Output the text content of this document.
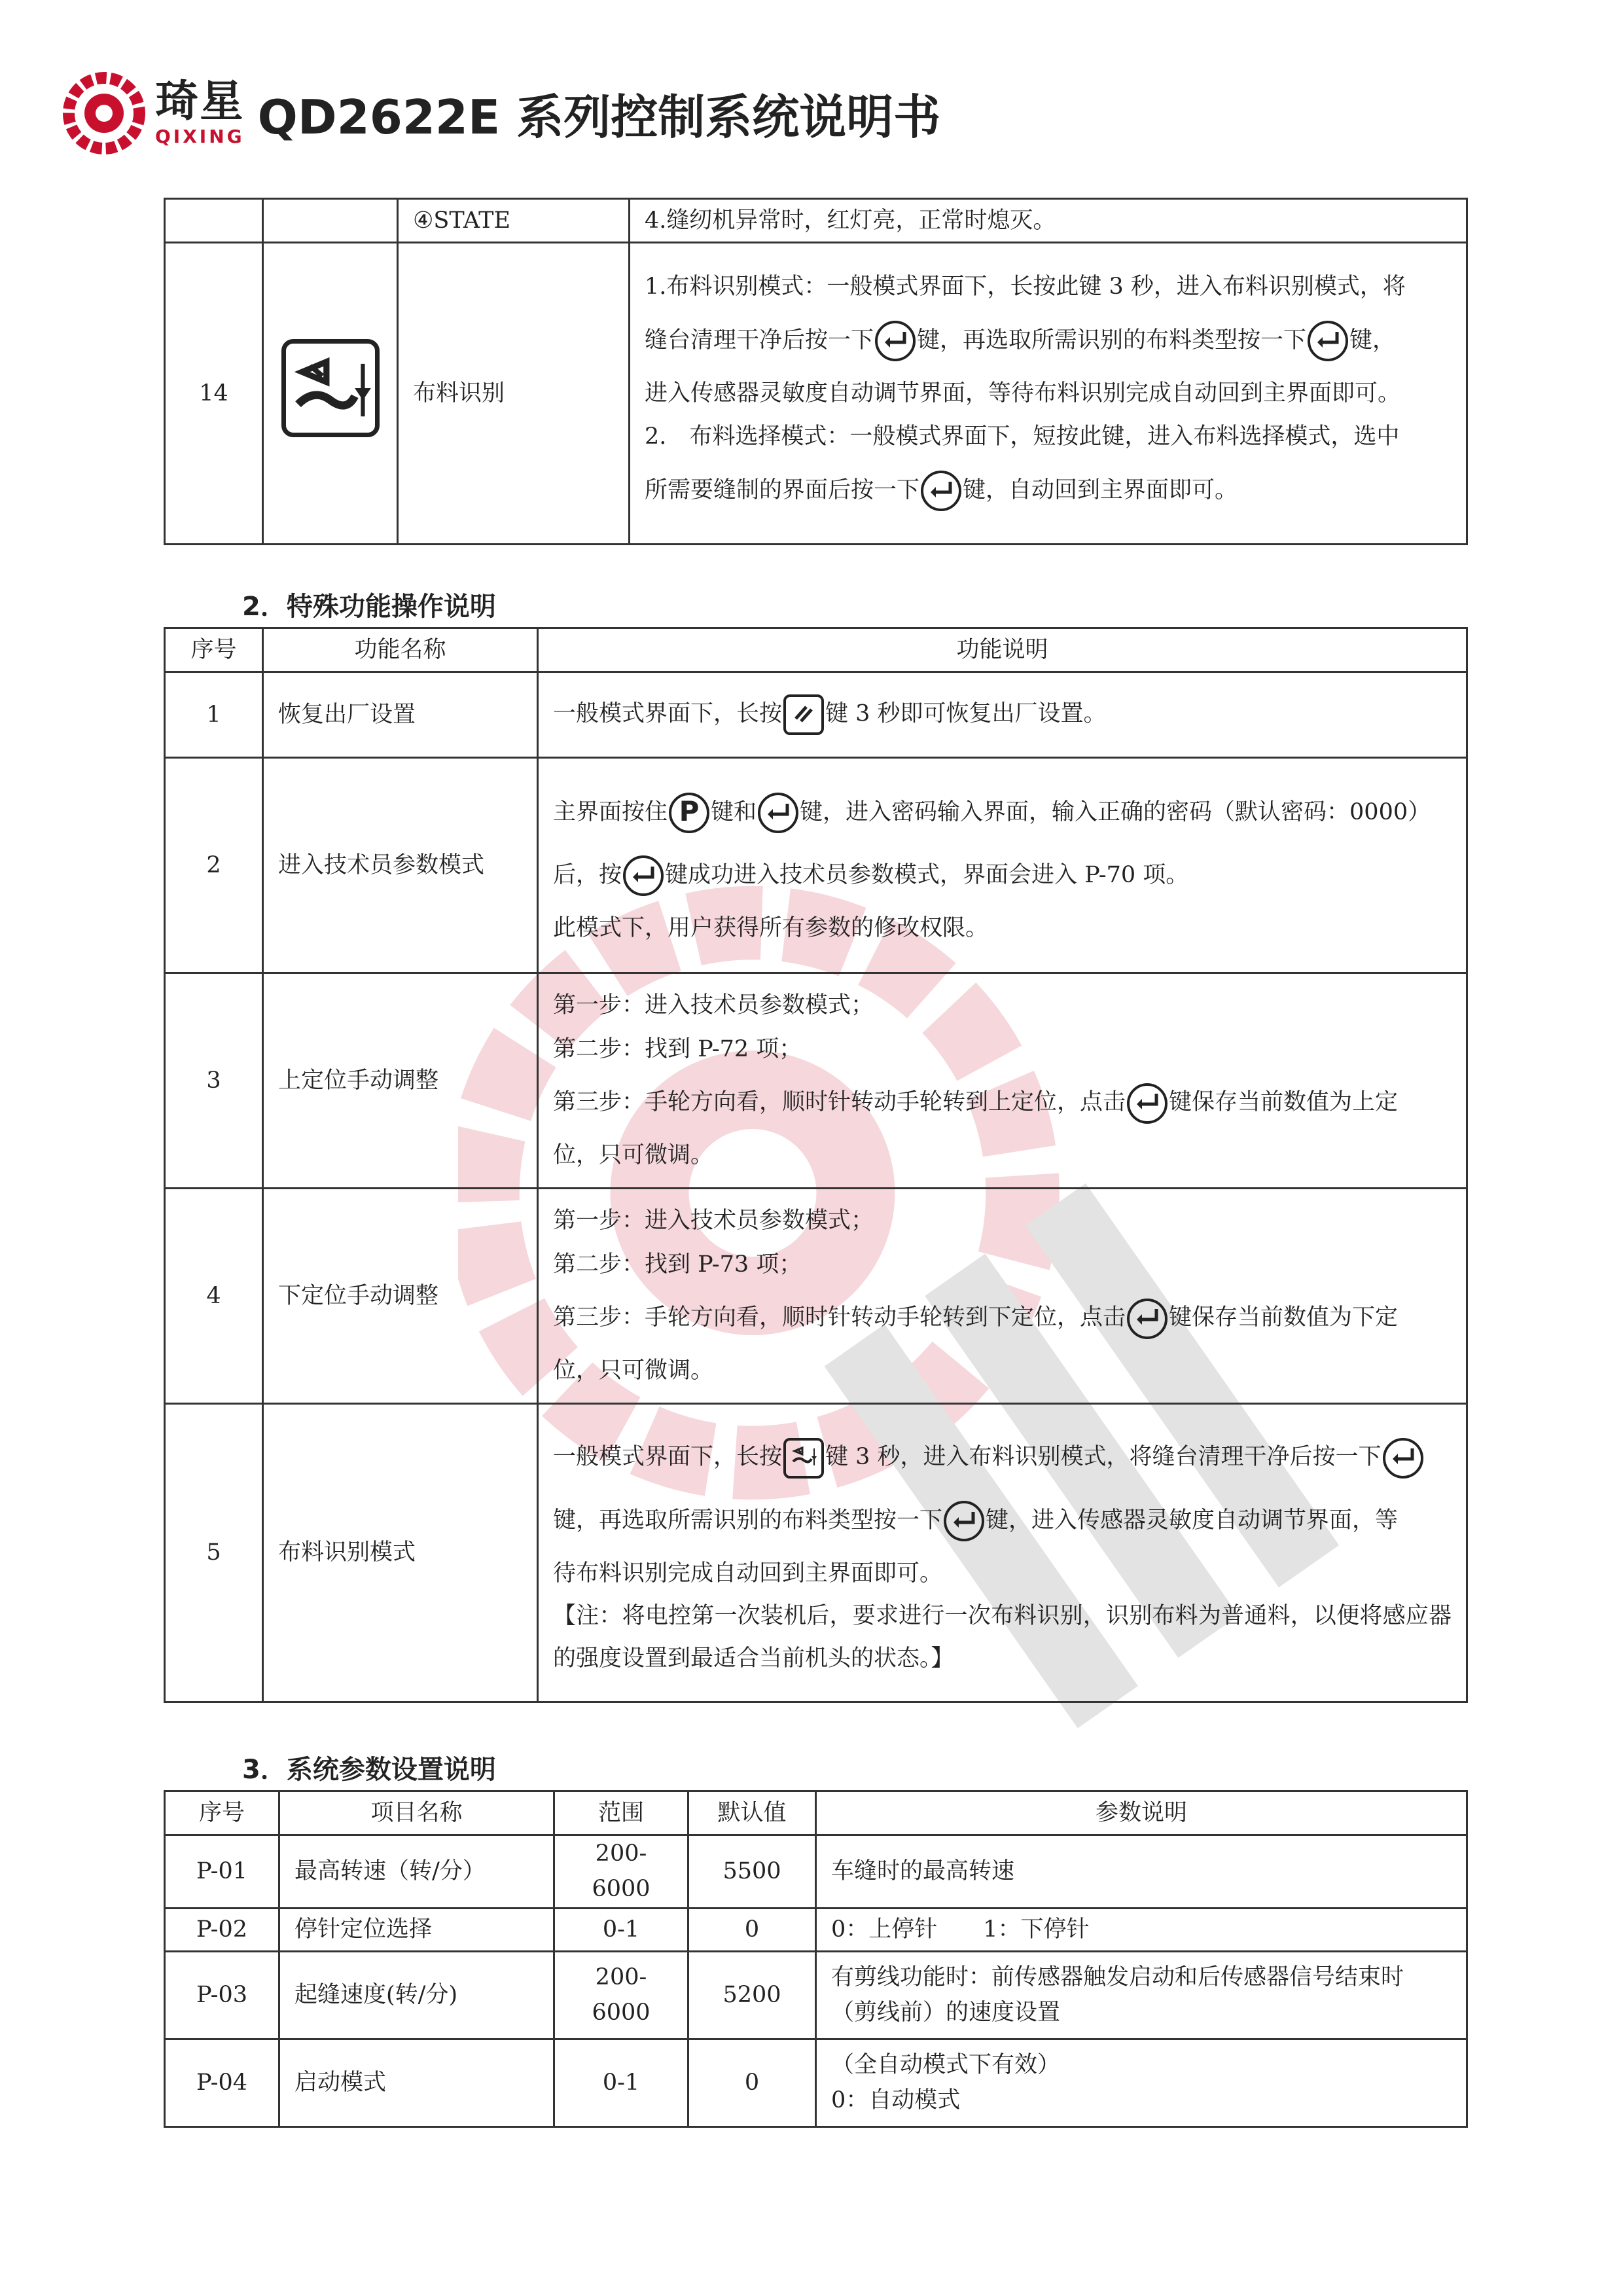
琦星
QIXING QD2622E 系列控制系统说明书
		④STATE	4.缝纫机异常时，红灯亮，正常时熄灭。
14		布料识别	1.布料识别模式：一般模式界面下，长按此键 3 秒，进入布料识别模式，将

缝台清理干净后按一下 键，再选取所需识别的布料类型按一下 键，

进入传感器灵敏度自动调节界面，等待布料识别完成自动回到主界面即可。

2.　布料选择模式：一般模式界面下，短按此键，进入布料选择模式，选中

所需要缝制的界面后按一下 键，自动回到主界面即可。

2．特殊功能操作说明
序号	功能名称	功能说明
1	恢复出厂设置	一般模式界面下，长按 键 3 秒即可恢复出厂设置。
2	进入技术员参数模式	主界面按住 P 键和 键，进入密码输入界面，输入正确的密码（默认密码：0000）

后，按 键成功进入技术员参数模式，界面会进入 P-70 项。

此模式下，用户获得所有参数的修改权限。

3	上定位手动调整	第一步：进入技术员参数模式；

第二步：找到 P-72 项；

第三步：手轮方向看，顺时针转动手轮转到上定位，点击 键保存当前数值为上定

位，只可微调。

4	下定位手动调整	第一步：进入技术员参数模式；

第二步：找到 P-73 项；

第三步：手轮方向看，顺时针转动手轮转到下定位，点击 键保存当前数值为下定

位，只可微调。

5	布料识别模式	一般模式界面下，长按 键 3 秒，进入布料识别模式，将缝台清理干净后按一下

键，再选取所需识别的布料类型按一下 键，进入传感器灵敏度自动调节界面，等

待布料识别完成自动回到主界面即可。

【注：将电控第一次装机后，要求进行一次布料识别，识别布料为普通料，以便将感应器的强度设置到最适合当前机头的状态。】

3．系统参数设置说明
序号	项目名称	范围	默认值	参数说明
P-01	最高转速（转/分）	200-6000	5500	车缝时的最高转速
P-02	停针定位选择	0-1	0	0：上停针　　1：下停针
P-03	起缝速度(转/分)	200-6000	5200	有剪线功能时：前传感器触发启动和后传感器信号结束时
（剪线前）的速度设置

P-04	启动模式	0-1	0	（全自动模式下有效）
0：自动模式
